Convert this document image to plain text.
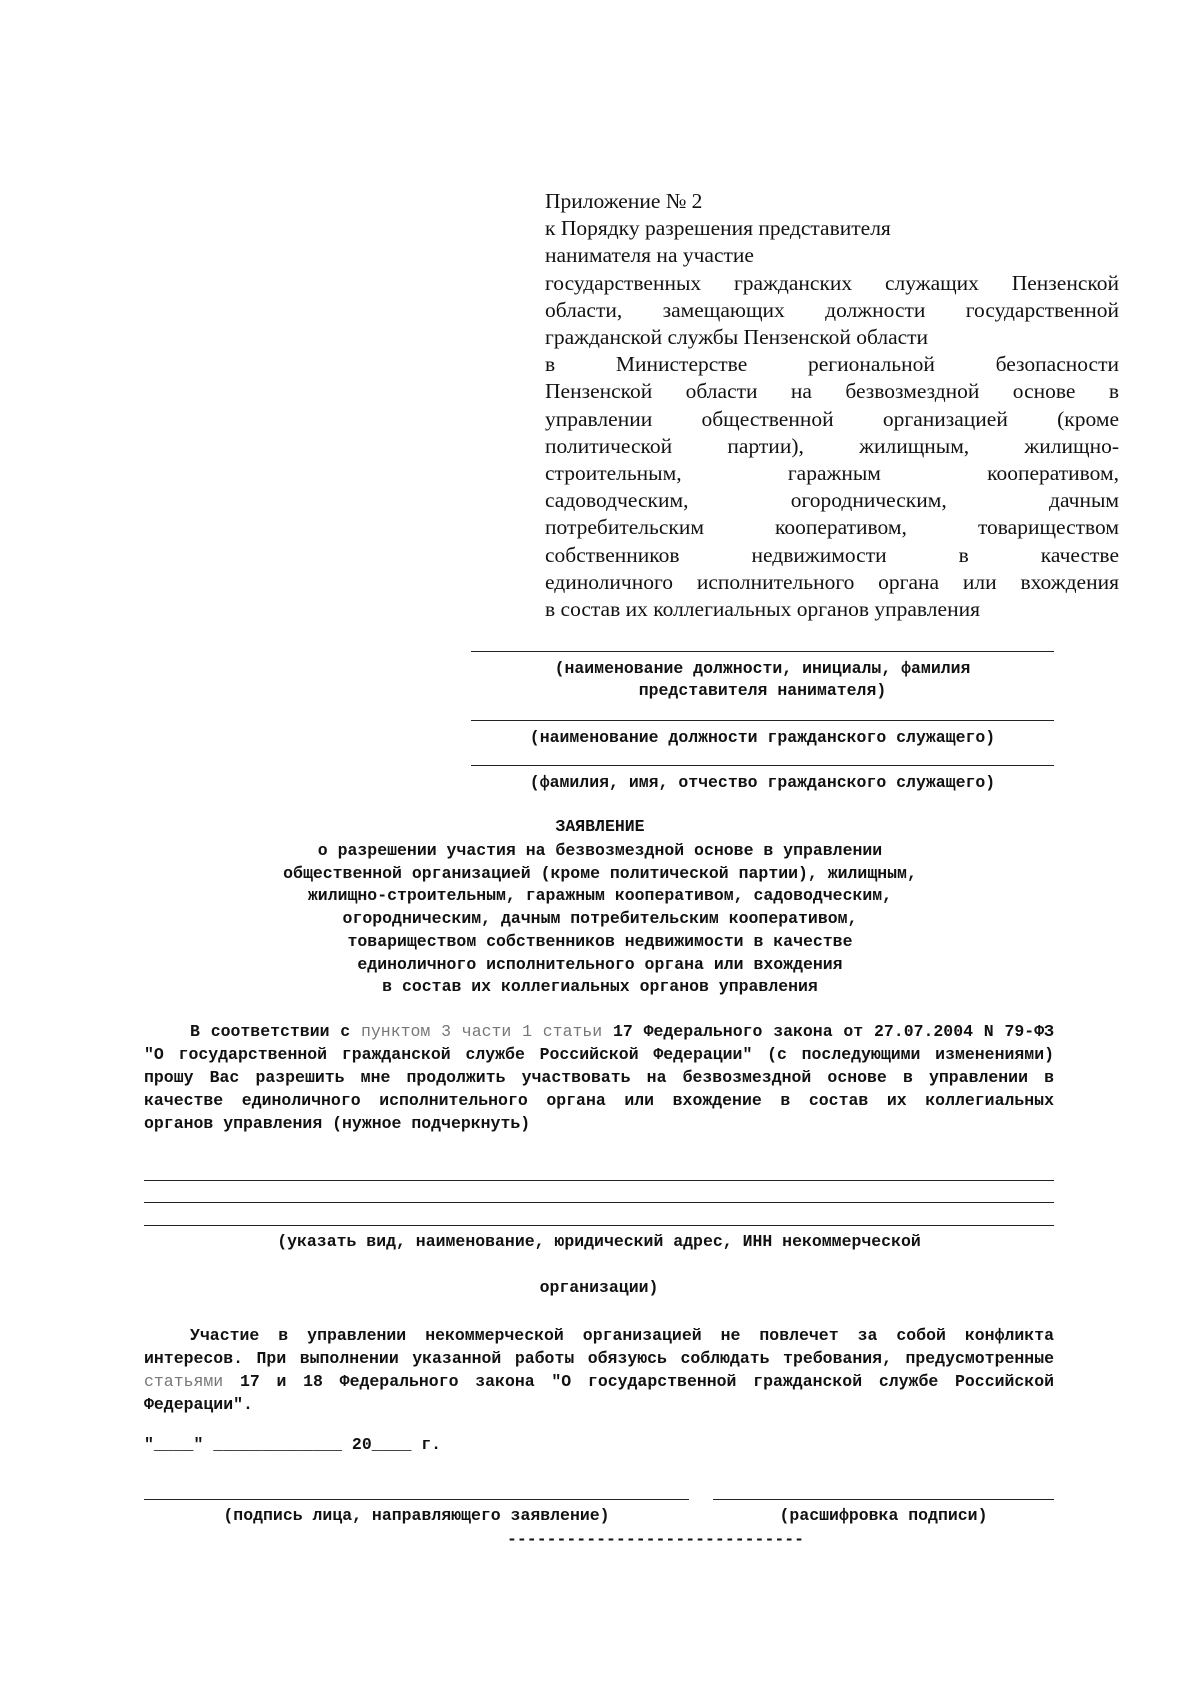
Приложение № 2
к Порядку разрешения представителя
нанимателя на участие
государственных гражданских служащих Пензенской
области, замещающих должности государственной
гражданской службы Пензенской области
в Министерстве региональной безопасности
Пензенской области на безвозмездной основе в
управлении общественной организацией (кроме
политической партии), жилищным, жилищно-
строительным, гаражным кооперативом,
садоводческим, огородническим, дачным
потребительским кооперативом, товариществом
собственников недвижимости в качестве
единоличного исполнительного органа или вхождения
в состав их коллегиальных органов управления
(наименование должности, инициалы, фамилия
представителя нанимателя)
(наименование должности гражданского служащего)
(фамилия, имя, отчество гражданского служащего)
ЗАЯВЛЕНИЕ
о разрешении участия на безвозмездной основе в управлении
общественной организацией (кроме политической партии), жилищным,
жилищно-строительным, гаражным кооперативом, садоводческим,
огородническим, дачным потребительским кооперативом,
товариществом собственников недвижимости в качестве
единоличного исполнительного органа или вхождения
в состав их коллегиальных органов управления
В соответствии с пунктом 3 части 1 статьи 17 Федерального закона от 27.07.2004 N 79-ФЗ "О государственной гражданской службе Российской Федерации" (с последующими изменениями) прошу Вас разрешить мне продолжить участвовать на безвозмездной основе в управлении в качестве единоличного исполнительного органа или вхождение в состав их коллегиальных органов управления (нужное подчеркнуть)
(указать вид, наименование, юридический адрес, ИНН некоммерческой
организации)
Участие в управлении некоммерческой организацией не повлечет за собой конфликта интересов. При выполнении указанной работы обязуюсь соблюдать требования, предусмотренные статьями 17 и 18 Федерального закона "О государственной гражданской службе Российской Федерации".
"____" _____________ 20____ г.
(подпись лица, направляющего заявление)	(расшифровка подписи)
------------------------------
